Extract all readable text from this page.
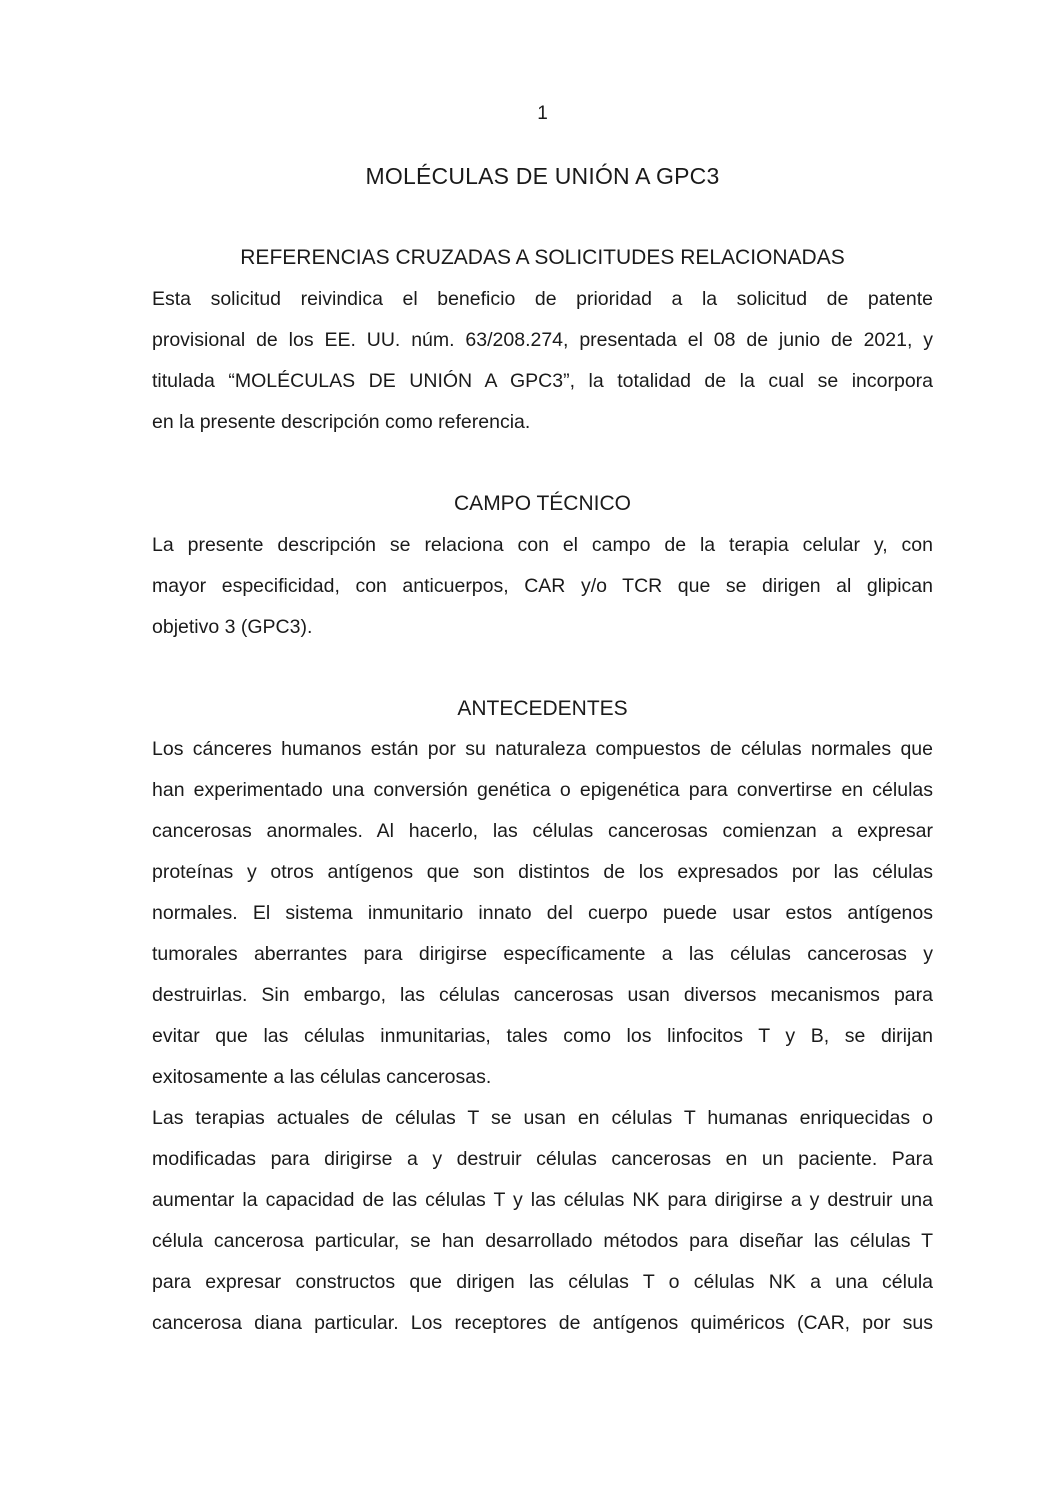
1
MOLÉCULAS DE UNIÓN A GPC3
REFERENCIAS CRUZADAS A SOLICITUDES RELACIONADAS
Esta solicitud reivindica el beneficio de prioridad a la solicitud de patente
provisional de los EE. UU. núm. 63/208.274, presentada el 08 de junio de 2021, y
titulada “MOLÉCULAS DE UNIÓN A GPC3”, la totalidad de la cual se incorpora
en la presente descripción como referencia.
CAMPO TÉCNICO
La presente descripción se relaciona con el campo de la terapia celular y, con
mayor especificidad, con anticuerpos, CAR y/o TCR que se dirigen al glipican
objetivo 3 (GPC3).
ANTECEDENTES
Los cánceres humanos están por su naturaleza compuestos de células normales que
han experimentado una conversión genética o epigenética para convertirse en células
cancerosas anormales. Al hacerlo, las células cancerosas comienzan a expresar
proteínas y otros antígenos que son distintos de los expresados por las células
normales. El sistema inmunitario innato del cuerpo puede usar estos antígenos
tumorales aberrantes para dirigirse específicamente a las células cancerosas y
destruirlas. Sin embargo, las células cancerosas usan diversos mecanismos para
evitar que las células inmunitarias, tales como los linfocitos T y B, se dirijan
exitosamente a las células cancerosas.
Las terapias actuales de células T se usan en células T humanas enriquecidas o
modificadas para dirigirse a y destruir células cancerosas en un paciente. Para
aumentar la capacidad de las células T y las células NK para dirigirse a y destruir una
célula cancerosa particular, se han desarrollado métodos para diseñar las células T
para expresar constructos que dirigen las células T o células NK a una célula
cancerosa diana particular. Los receptores de antígenos quiméricos (CAR, por sus
